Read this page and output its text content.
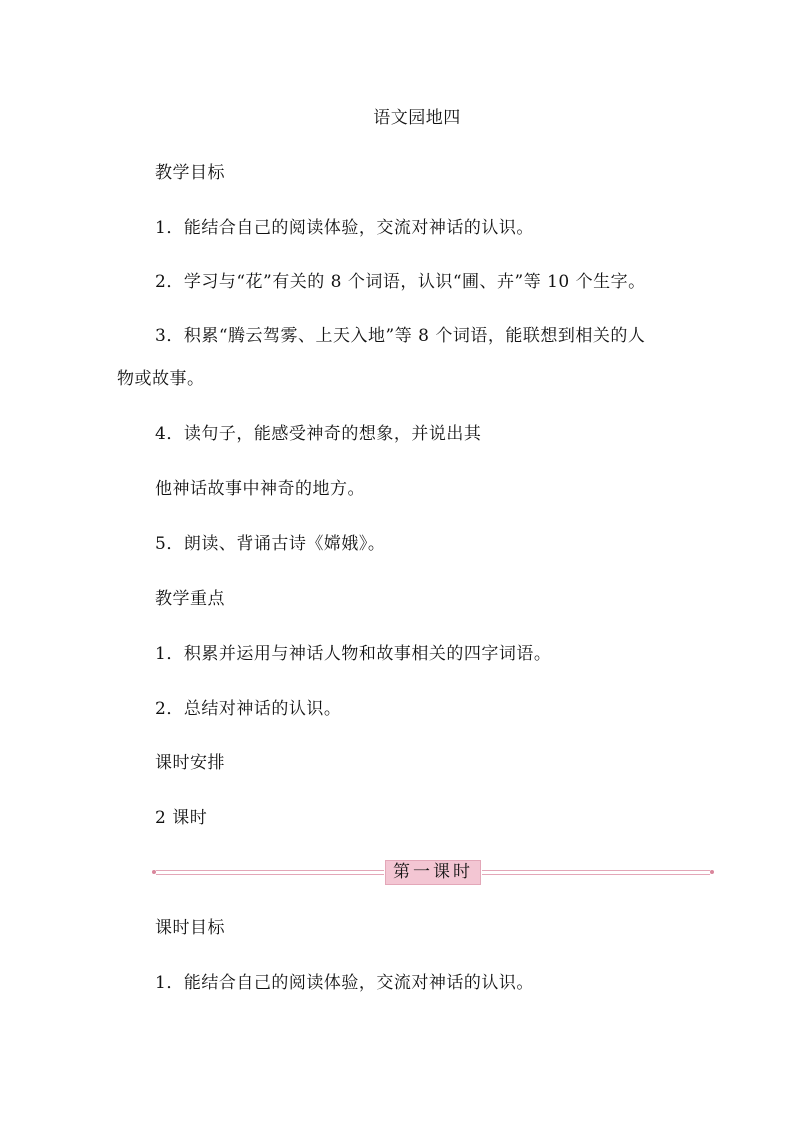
语文园地四
教学目标
1．能结合自己的阅读体验，交流对神话的认识。
2．学习与“花”有关的 8 个词语，认识“圃、卉”等 10 个生字。
3．积累“腾云驾雾、上天入地”等 8 个词语，能联想到相关的人
物或故事。
4．读句子，能感受神奇的想象，并说出其
他神话故事中神奇的地方。
5．朗读、背诵古诗《嫦娥》。
教学重点
1．积累并运用与神话人物和故事相关的四字词语。
2．总结对神话的认识。
课时安排
2 课时
第一课时
课时目标
1．能结合自己的阅读体验，交流对神话的认识。
